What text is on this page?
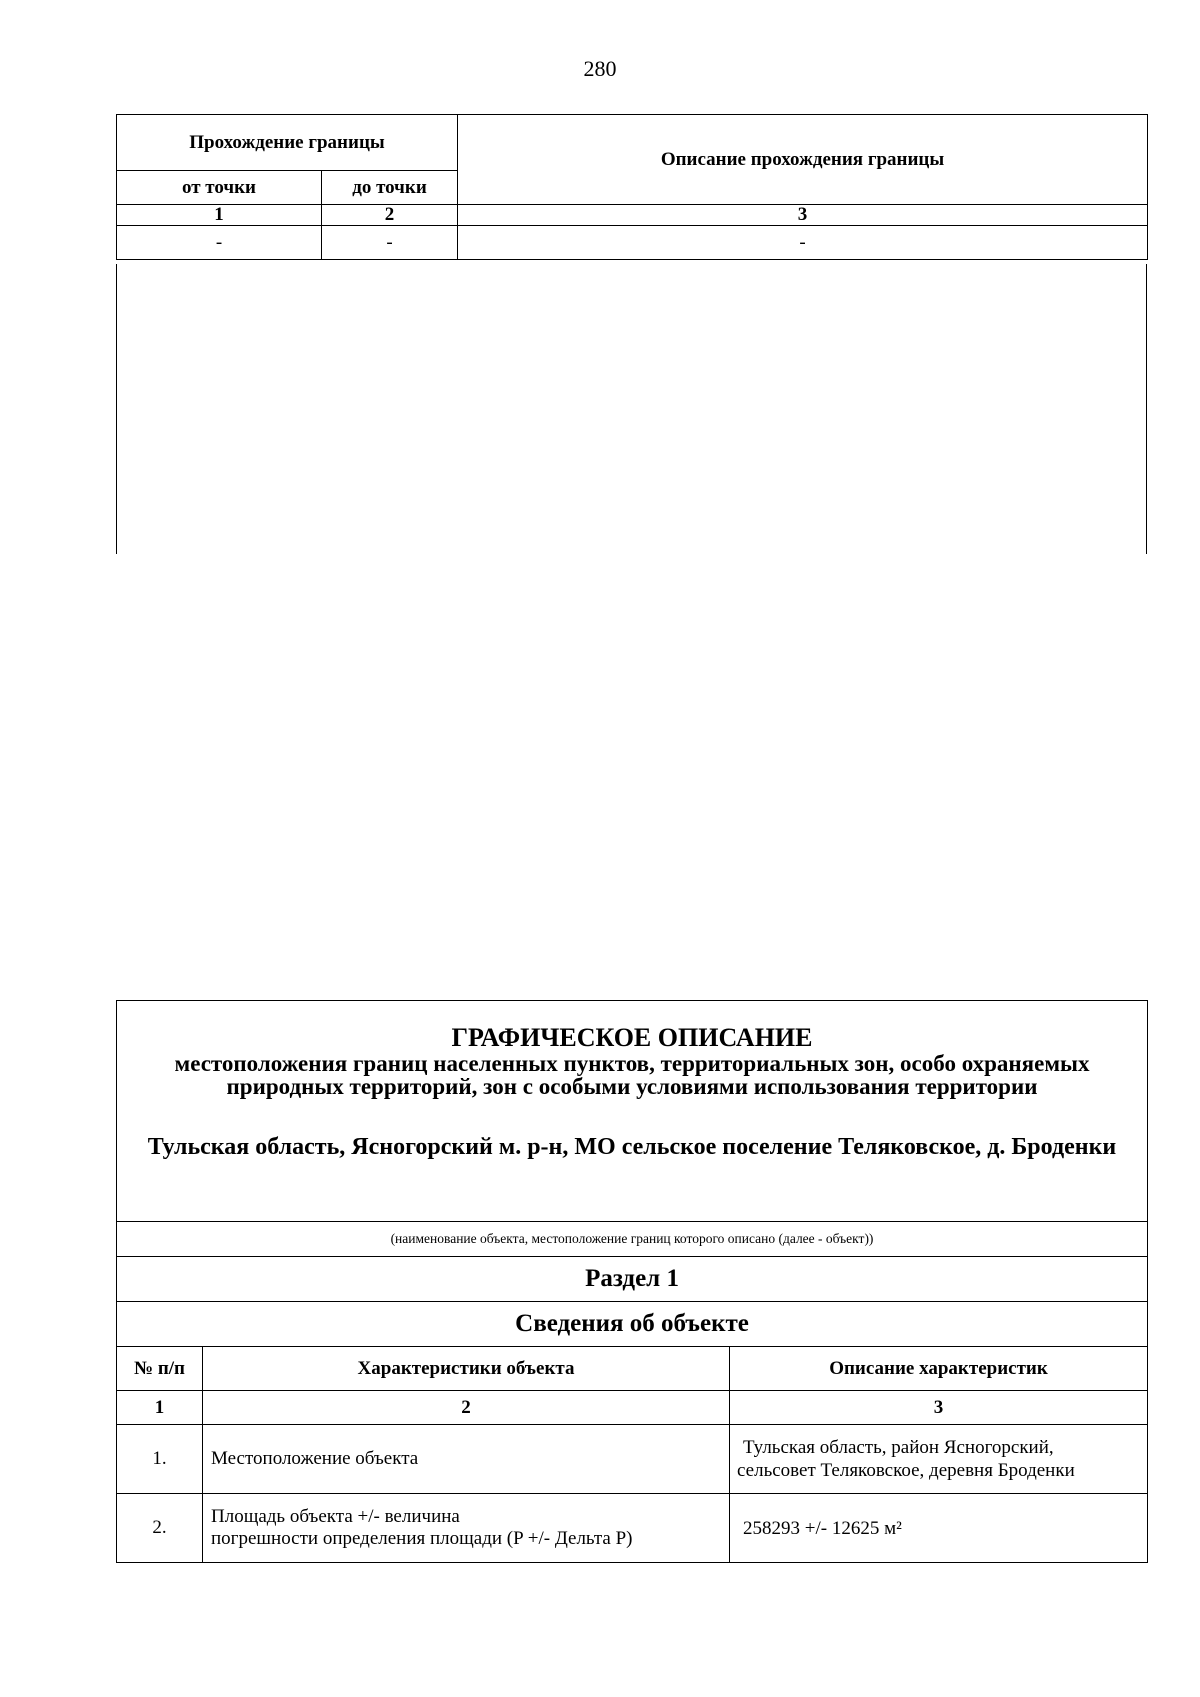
280
Прохождение границы		Описание прохождения границы
от точки	до точки	
1	2	3
-	-	-
ГРАФИЧЕСКОЕ ОПИСАНИЕ
местоположения границ населенных пунктов, территориальных зон, особо охраняемых природных территорий, зон с особыми условиями использования территории
Тульская область, Ясногорский м. р-н, МО сельское поселение Теляковское, д. Броденки		

(наименование объекта, местоположение границ которого описано (далее - объект))		
Раздел 1		
Сведения об объекте		
№ п/п	Характеристики объекта	Описание характеристик
1	2	3
1.	Местоположение объекта	Тульская область, район Ясногорский,
сельсовет Теляковское, деревня Броденки

2.	Площадь объекта +/- величина
погрешности определения площади (P +/- Дельта P)	258293 +/- 12625 м²
